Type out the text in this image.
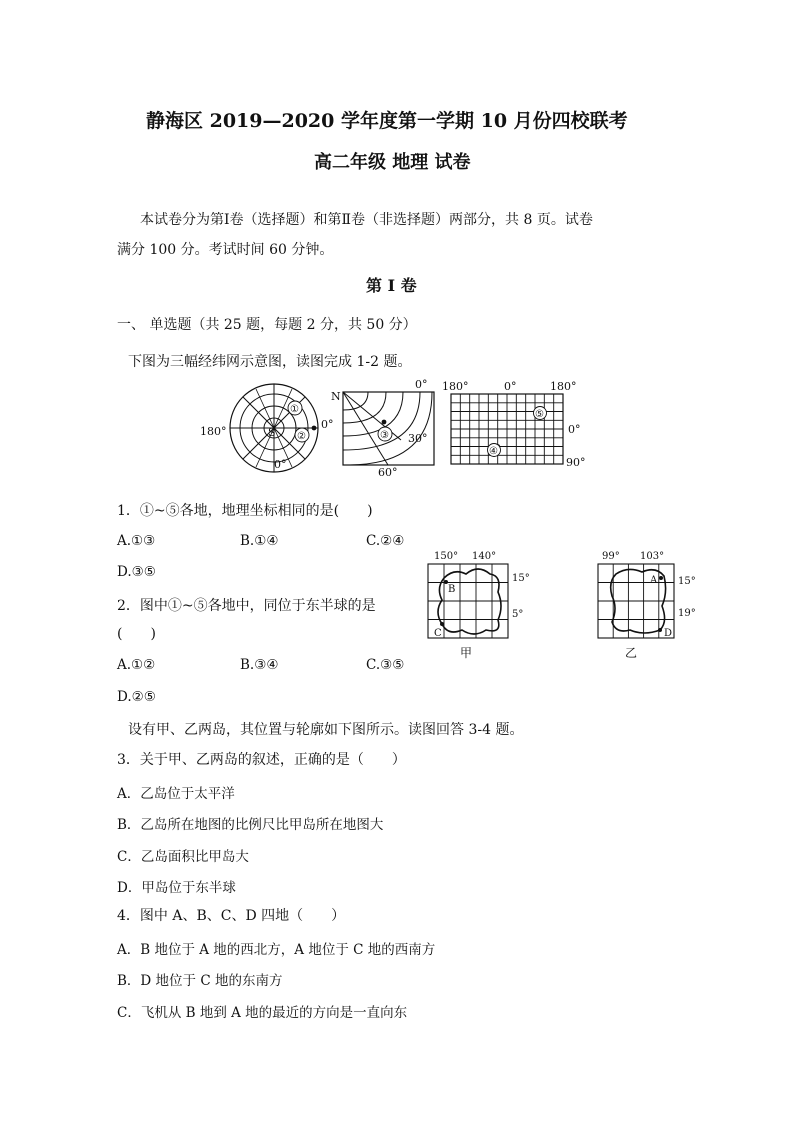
静海区 2019—2020 学年度第一学期 10 月份四校联考
高二年级 地理 试卷
本试卷分为第Ⅰ卷（选择题）和第Ⅱ卷（非选择题）两部分，共 8 页。试卷
满分 100 分。考试时间 60 分钟。
第 Ⅰ 卷
一、 单选题（共 25 题，每题 2 分，共 50 分）
下图为三幅经纬网示意图，读图完成 1-2 题。
180°
0°
0°
S
①
②
N
0°
30°
60°
③
180°	0°	180°
0°
90°
⑤
④
1．①~⑤各地，地理坐标相同的是(　　)
A.①③	B.①④	C.②④
D.③⑤
2．图中①~⑤各地中，同位于东半球的是
(　　)
A.①②	B.③④	C.③⑤
D.②⑤
150° 140°
15°
5°
B
C
甲
99° 103°
15°
19°
A
D
乙
设有甲、乙两岛，其位置与轮廓如下图所示。读图回答 3-4 题。
3．关于甲、乙两岛的叙述，正确的是（　　）
A．乙岛位于太平洋
B．乙岛所在地图的比例尺比甲岛所在地图大
C．乙岛面积比甲岛大
D．甲岛位于东半球
4．图中 A、B、C、D 四地（　　）
A．B 地位于 A 地的西北方，A 地位于 C 地的西南方
B．D 地位于 C 地的东南方
C．飞机从 B 地到 A 地的最近的方向是一直向东
